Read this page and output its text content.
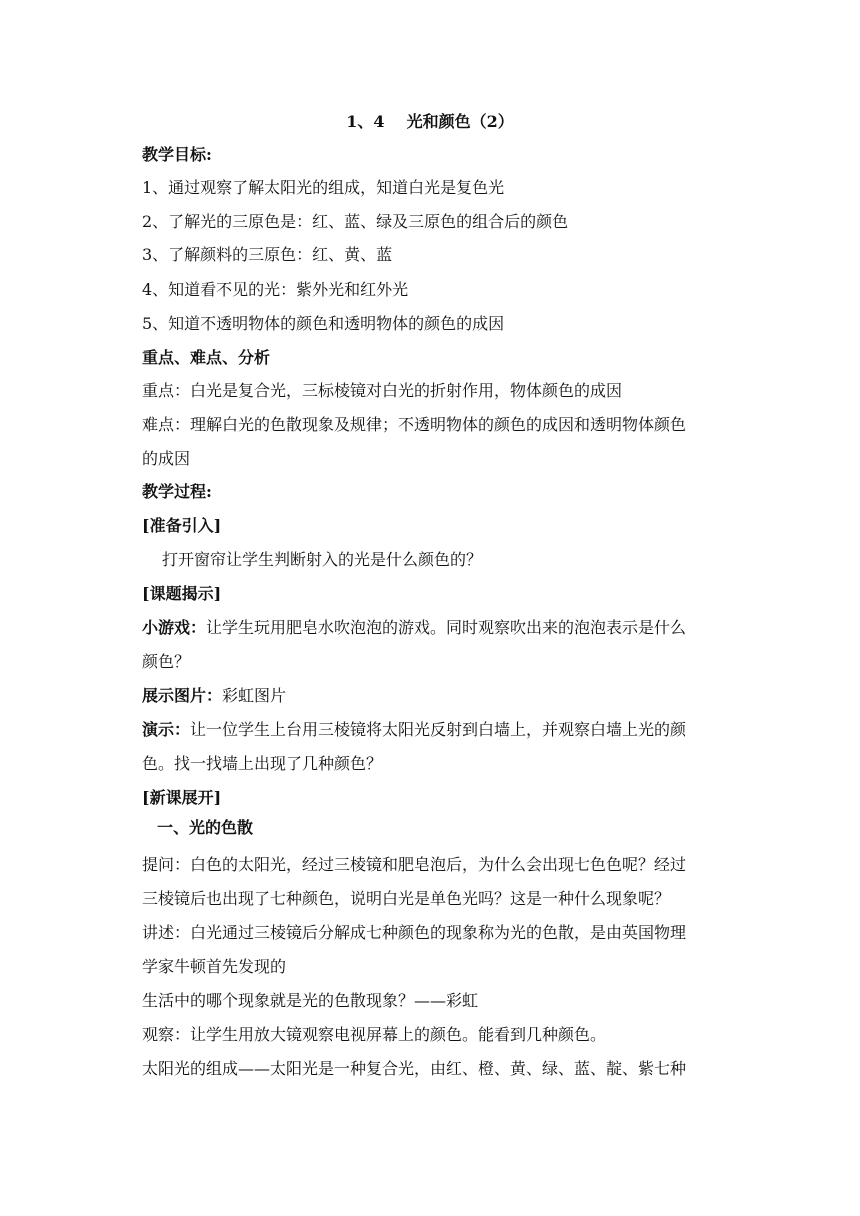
1、4 光和颜色（2）
教学目标:
1、通过观察了解太阳光的组成，知道白光是复色光
2、了解光的三原色是：红、蓝、绿及三原色的组合后的颜色
3、了解颜料的三原色：红、黄、蓝
4、知道看不见的光：紫外光和红外光
5、知道不透明物体的颜色和透明物体的颜色的成因
重点、难点、分析
重点：白光是复合光，三标棱镜对白光的折射作用，物体颜色的成因
难点：理解白光的色散现象及规律；不透明物体的颜色的成因和透明物体颜色
的成因
教学过程:
[准备引入]
打开窗帘让学生判断射入的光是什么颜色的？
[课题揭示]
小游戏：让学生玩用肥皂水吹泡泡的游戏。同时观察吹出来的泡泡表示是什么
颜色？
展示图片：彩虹图片
演示：让一位学生上台用三棱镜将太阳光反射到白墙上，并观察白墙上光的颜
色。找一找墙上出现了几种颜色？
[新课展开]
一、光的色散
提问：白色的太阳光，经过三棱镜和肥皂泡后，为什么会出现七色色呢？经过
三棱镜后也出现了七种颜色，说明白光是单色光吗？这是一种什么现象呢？
讲述：白光通过三棱镜后分解成七种颜色的现象称为光的色散，是由英国物理
学家牛顿首先发现的
生活中的哪个现象就是光的色散现象？——彩虹
观察：让学生用放大镜观察电视屏幕上的颜色。能看到几种颜色。
太阳光的组成——太阳光是一种复合光，由红、橙、黄、绿、蓝、靛、紫七种
